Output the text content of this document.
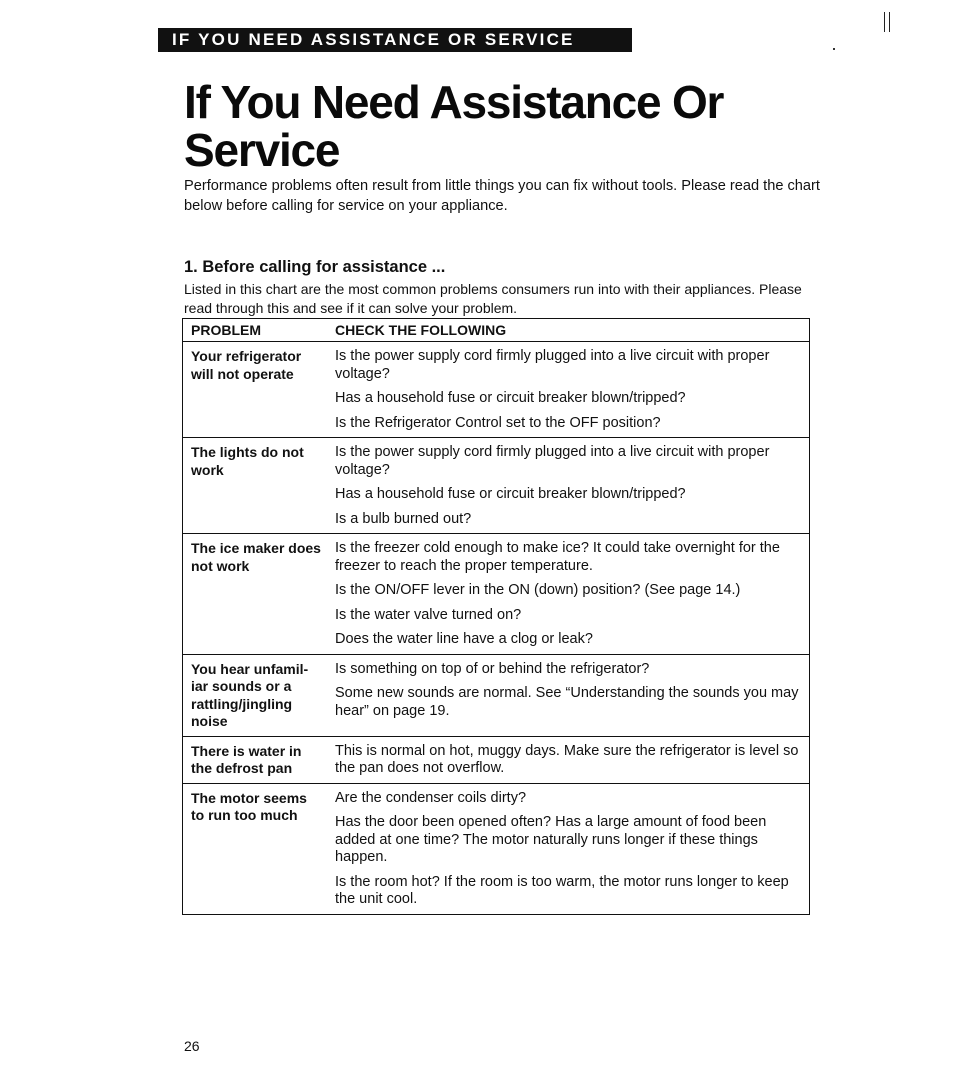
IF YOU NEED ASSISTANCE OR SERVICE
If You Need Assistance Or Service

Performance problems often result from little things you can fix without tools. Please read the chart below before calling for service on your appliance.

1. Before calling for assistance ...

Listed in this chart are the most common problems consumers run into with their appliances. Please read through this and see if it can solve your problem.

PROBLEM	CHECK THE FOLLOWING
Your refrigerator will not operate	Is the power supply cord firmly plugged into a live circuit with proper voltage?

Has a household fuse or circuit breaker blown/tripped?

Is the Refrigerator Control set to the OFF position?

The lights do not work	Is the power supply cord firmly plugged into a live circuit with proper voltage?

Has a household fuse or circuit breaker blown/tripped?

Is a bulb burned out?

The ice maker does not work	Is the freezer cold enough to make ice? It could take overnight for the freezer to reach the proper temperature.

Is the ON/OFF lever in the ON (down) position? (See page 14.)

Is the water valve turned on?

Does the water line have a clog or leak?

You hear unfamil-iar sounds or a rattling/jingling noise	Is something on top of or behind the refrigerator?

Some new sounds are normal. See “Understanding the sounds you may hear” on page 19.

There is water in the defrost pan	This is normal on hot, muggy days. Make sure the refrigerator is level so the pan does not overflow.

The motor seems to run too much	Are the condenser coils dirty?

Has the door been opened often? Has a large amount of food been added at one time? The motor naturally runs longer if these things happen.

Is the room hot? If the room is too warm, the motor runs longer to keep the unit cool.

26
